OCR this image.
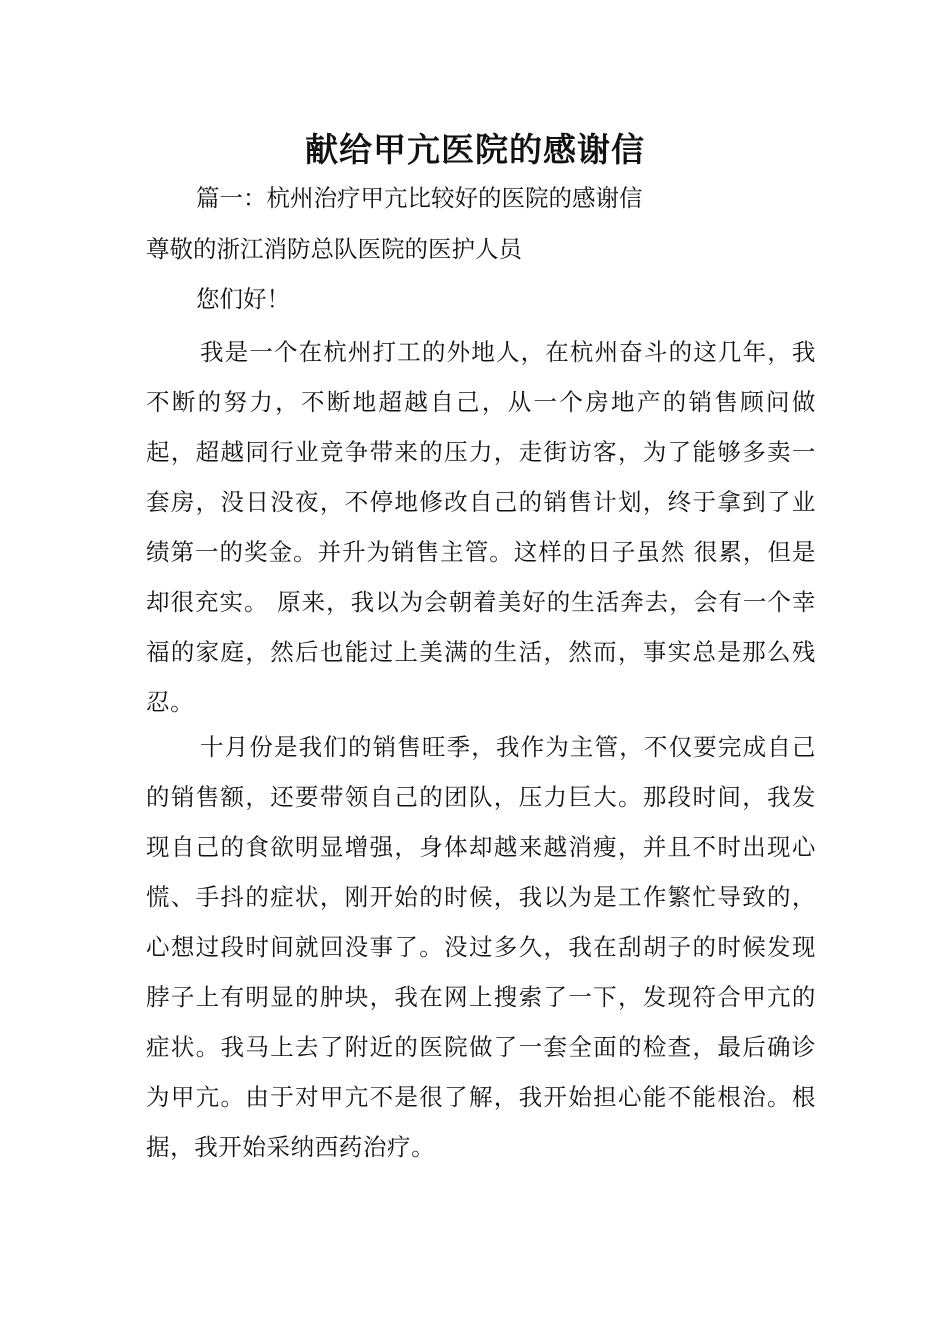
献给甲亢医院的感谢信
篇一：杭州治疗甲亢比较好的医院的感谢信
尊敬的浙江消防总队医院的医护人员
您们好！

我是一个在杭州打工的外地人，在杭州奋斗的这几年，我不断的努力，不断地超越自己，从一个房地产的销售顾问做起，超越同行业竞争带来的压力，走街访客，为了能够多卖一套房，没日没夜，不停地修改自己的销售计划，终于拿到了业绩第一的奖金。并升为销售主管。这样的日子虽然 很累，但是却很充实。 原来，我以为会朝着美好的生活奔去，会有一个幸福的家庭，然后也能过上美满的生活，然而，事实总是那么残忍。

十月份是我们的销售旺季，我作为主管，不仅要完成自己的销售额，还要带领自己的团队，压力巨大。那段时间，我发现自己的食欲明显增强，身体却越来越消瘦，并且不时出现心慌、手抖的症状，刚开始的时候，我以为是工作繁忙导致的，心想过段时间就回没事了。没过多久，我在刮胡子的时候发现脖子上有明显的肿块，我在网上搜索了一下，发现符合甲亢的症状。我马上去了附近的医院做了一套全面的检查，最后确诊为甲亢。由于对甲亢不是很了解，我开始担心能不能根治。根据，我开始采纳西药治疗。
